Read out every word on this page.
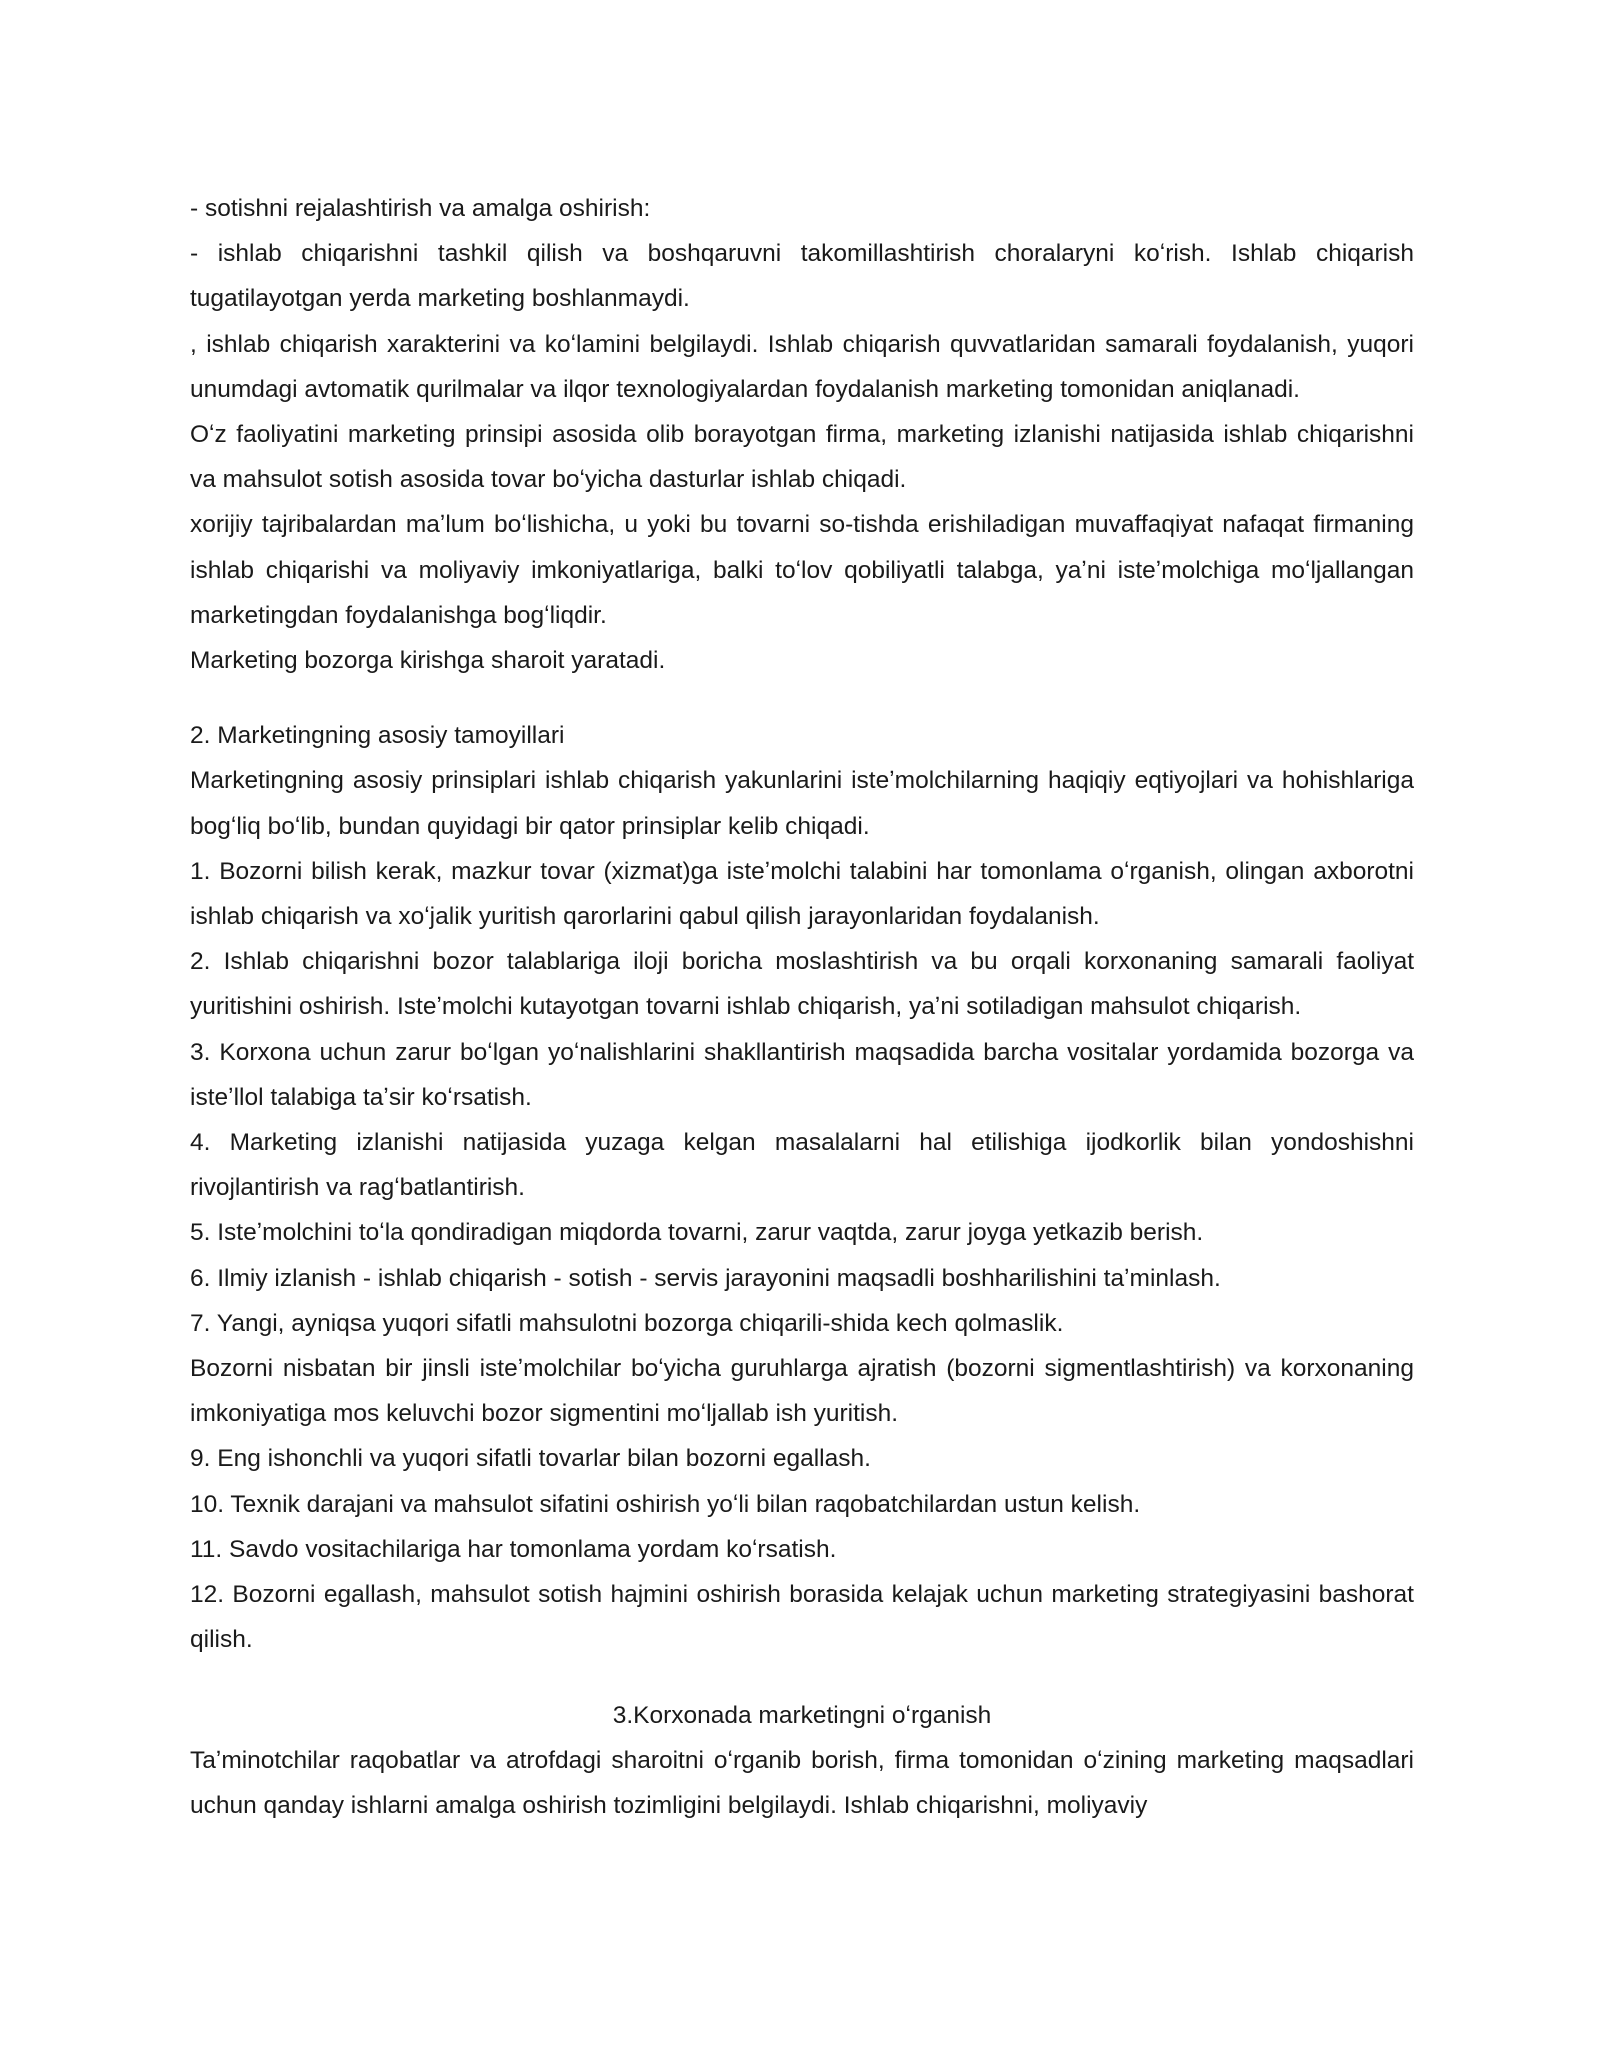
- sotishni rejalashtirish va amalga oshirish:

- ishlab chiqarishni tashkil qilish va boshqaruvni takomillashtirish choralaryni koʻrish. Ishlab chiqarish tugatilayotgan yerda marketing boshlanmaydi.

, ishlab chiqarish xarakterini va koʻlamini belgilaydi. Ishlab chiqarish quvvatlaridan samarali foydalanish, yuqori unumdagi avtomatik qurilmalar va ilqor texnologiyalardan foydalanish marketing tomonidan aniqlanadi.

Oʻz faoliyatini marketing prinsipi asosida olib borayotgan firma, marketing izlanishi natijasida ishlab chiqarishni va mahsulot sotish asosida tovar boʻyicha dasturlar ishlab chiqadi.

xorijiy tajribalardan maʼlum boʻlishicha, u yoki bu tovarni so-tishda erishiladigan muvaffaqiyat nafaqat firmaning ishlab chiqarishi va moliyaviy imkoniyatlariga, balki toʻlov qobiliyatli talabga, yaʼni isteʼmolchiga moʻljallangan marketingdan foydalanishga bogʻliqdir.

Marketing bozorga kirishga sharoit yaratadi.

2. Marketingning asosiy tamoyillari

Marketingning asosiy prinsiplari ishlab chiqarish yakunlarini isteʼmolchilarning haqiqiy eqtiyojlari va hohishlariga bogʻliq boʻlib, bundan quyidagi bir qator prinsiplar kelib chiqadi.

1. Bozorni bilish kerak, mazkur tovar (xizmat)ga isteʼmolchi talabini har tomonlama oʻrganish, olingan axborotni ishlab chiqarish va xoʻjalik yuritish qarorlarini qabul qilish jarayonlaridan foydalanish.

2. Ishlab chiqarishni bozor talablariga iloji boricha moslashtirish va bu orqali korxonaning samarali faoliyat yuritishini oshirish. Isteʼmolchi kutayotgan tovarni ishlab chiqarish, yaʼni sotiladigan mahsulot chiqarish.

3. Korxona uchun zarur boʻlgan yoʻnalishlarini shakllantirish maqsadida barcha vositalar yordamida bozorga va isteʼllol talabiga taʼsir koʻrsatish.

4. Marketing izlanishi natijasida yuzaga kelgan masalalarni hal etilishiga ijodkorlik bilan yondoshishni rivojlantirish va ragʻbatlantirish.

5. Isteʼmolchini toʻla qondiradigan miqdorda tovarni, zarur vaqtda, zarur joyga yetkazib berish.

6. Ilmiy izlanish - ishlab chiqarish - sotish - servis jarayonini maqsadli boshharilishini taʼminlash.

7. Yangi, ayniqsa yuqori sifatli mahsulotni bozorga chiqarili-shida kech qolmaslik.

Bozorni nisbatan bir jinsli isteʼmolchilar boʻyicha guruhlarga ajratish (bozorni sigmentlashtirish) va korxonaning imkoniyatiga mos keluvchi bozor sigmentini moʻljallab ish yuritish.

9. Eng ishonchli va yuqori sifatli tovarlar bilan bozorni egallash.

10. Texnik darajani va mahsulot sifatini oshirish yoʻli bilan raqobatchilardan ustun kelish.

11. Savdo vositachilariga har tomonlama yordam koʻrsatish.

12. Bozorni egallash, mahsulot sotish hajmini oshirish borasida kelajak uchun marketing strategiyasini bashorat qilish.

3.Korxonada marketingni oʻrganish

Taʼminotchilar raqobatlar va atrofdagi sharoitni oʻrganib borish, firma tomonidan oʻzining marketing maqsadlari uchun qanday ishlarni amalga oshirish tozimligini belgilaydi. Ishlab chiqarishni, moliyaviy
